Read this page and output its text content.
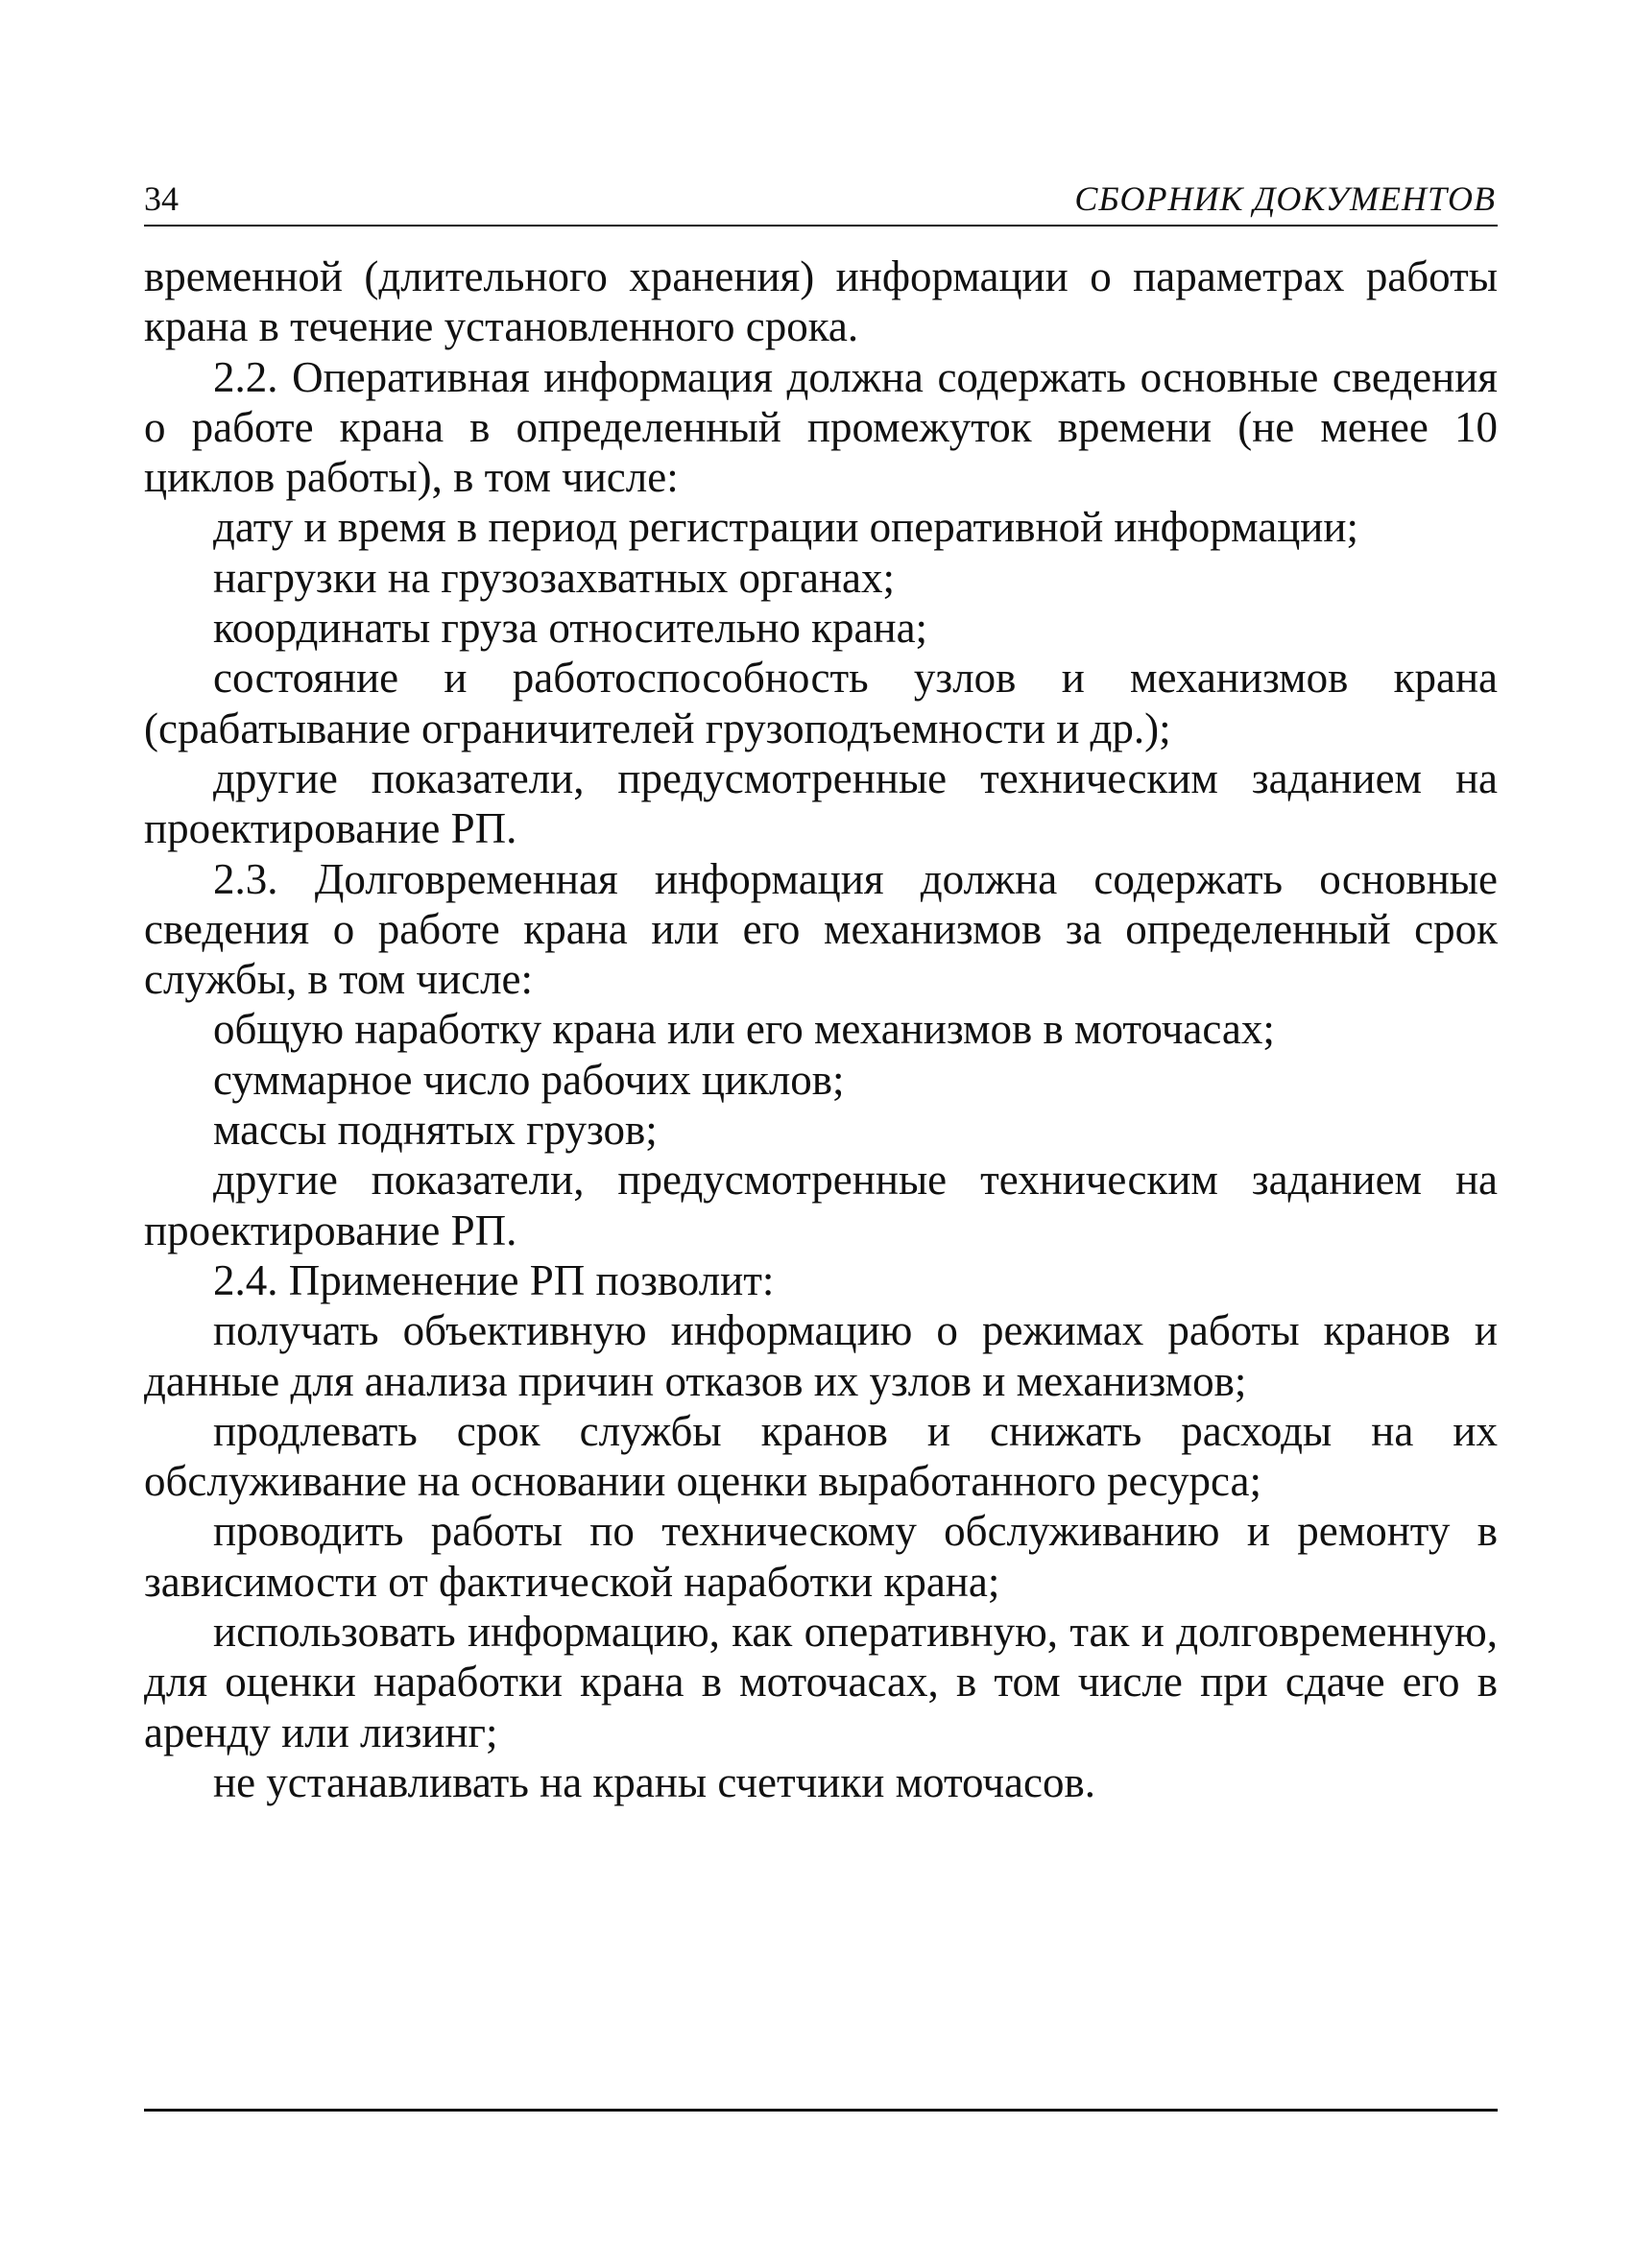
34	СБОРНИК ДОКУМЕНТОВ

временной (длительного хранения) информации о параметрах работы крана в течение установленного срока.

2.2. Оперативная информация должна содержать основные сведения о работе крана в определенный промежуток времени (не менее 10 циклов работы), в том числе:

дату и время в период регистрации оперативной информации;

нагрузки на грузозахватных органах;

координаты груза относительно крана;

состояние и работоспособность узлов и механизмов крана (срабатывание ограничителей грузоподъемности и др.);

другие показатели, предусмотренные техническим заданием на проектирование РП.

2.3. Долговременная информация должна содержать основные сведения о работе крана или его механизмов за определенный срок службы, в том числе:

общую наработку крана или его механизмов в моточасах;

суммарное число рабочих циклов;

массы поднятых грузов;

другие показатели, предусмотренные техническим заданием на проектирование РП.

2.4. Применение РП позволит:

получать объективную информацию о режимах работы кранов и данные для анализа причин отказов их узлов и механизмов;

продлевать срок службы кранов и снижать расходы на их обслуживание на основании оценки выработанного ресурса;

проводить работы по техническому обслуживанию и ремонту в зависимости от фактической наработки крана;

использовать информацию, как оперативную, так и долговременную, для оценки наработки крана в моточасах, в том числе при сдаче его в аренду или лизинг;

не устанавливать на краны счетчики моточасов.
